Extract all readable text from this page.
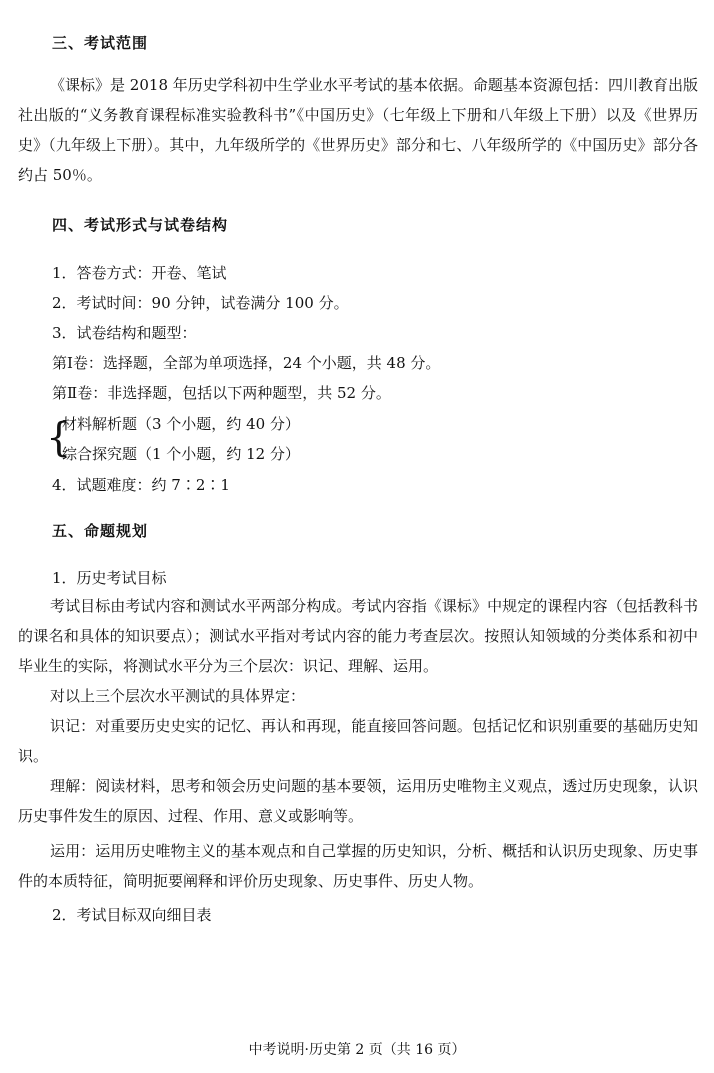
三、考试范围
《课标》是 2018 年历史学科初中生学业水平考试的基本依据。命题基本资源包括：四川教育出版社出版的“义务教育课程标准实验教科书”《中国历史》（七年级上下册和八年级上下册）以及《世界历史》（九年级上下册）。其中，九年级所学的《世界历史》部分和七、八年级所学的《中国历史》部分各约占 50％。
四、考试形式与试卷结构
1．答卷方式：开卷、笔试
2．考试时间：90 分钟，试卷满分 100 分。
3．试卷结构和题型：
第Ⅰ卷：选择题，全部为单项选择，24 个小题，共 48 分。
第Ⅱ卷：非选择题，包括以下两种题型，共 52 分。
{
材料解析题（3 个小题，约 40 分）
综合探究题（1 个小题，约 12 分）
4．试题难度：约 7∶2∶1
五、命题规划
1．历史考试目标
考试目标由考试内容和测试水平两部分构成。考试内容指《课标》中规定的课程内容（包括教科书的课名和具体的知识要点）；测试水平指对考试内容的能力考查层次。按照认知领域的分类体系和初中毕业生的实际，将测试水平分为三个层次：识记、理解、运用。
对以上三个层次水平测试的具体界定：
识记：对重要历史史实的记忆、再认和再现，能直接回答问题。包括记忆和识别重要的基础历史知识。
理解：阅读材料，思考和领会历史问题的基本要领，运用历史唯物主义观点，透过历史现象，认识历史事件发生的原因、过程、作用、意义或影响等。
运用：运用历史唯物主义的基本观点和自己掌握的历史知识，分析、概括和认识历史现象、历史事件的本质特征，简明扼要阐释和评价历史现象、历史事件、历史人物。
2．考试目标双向细目表
中考说明·历史第 2 页（共 16 页）
